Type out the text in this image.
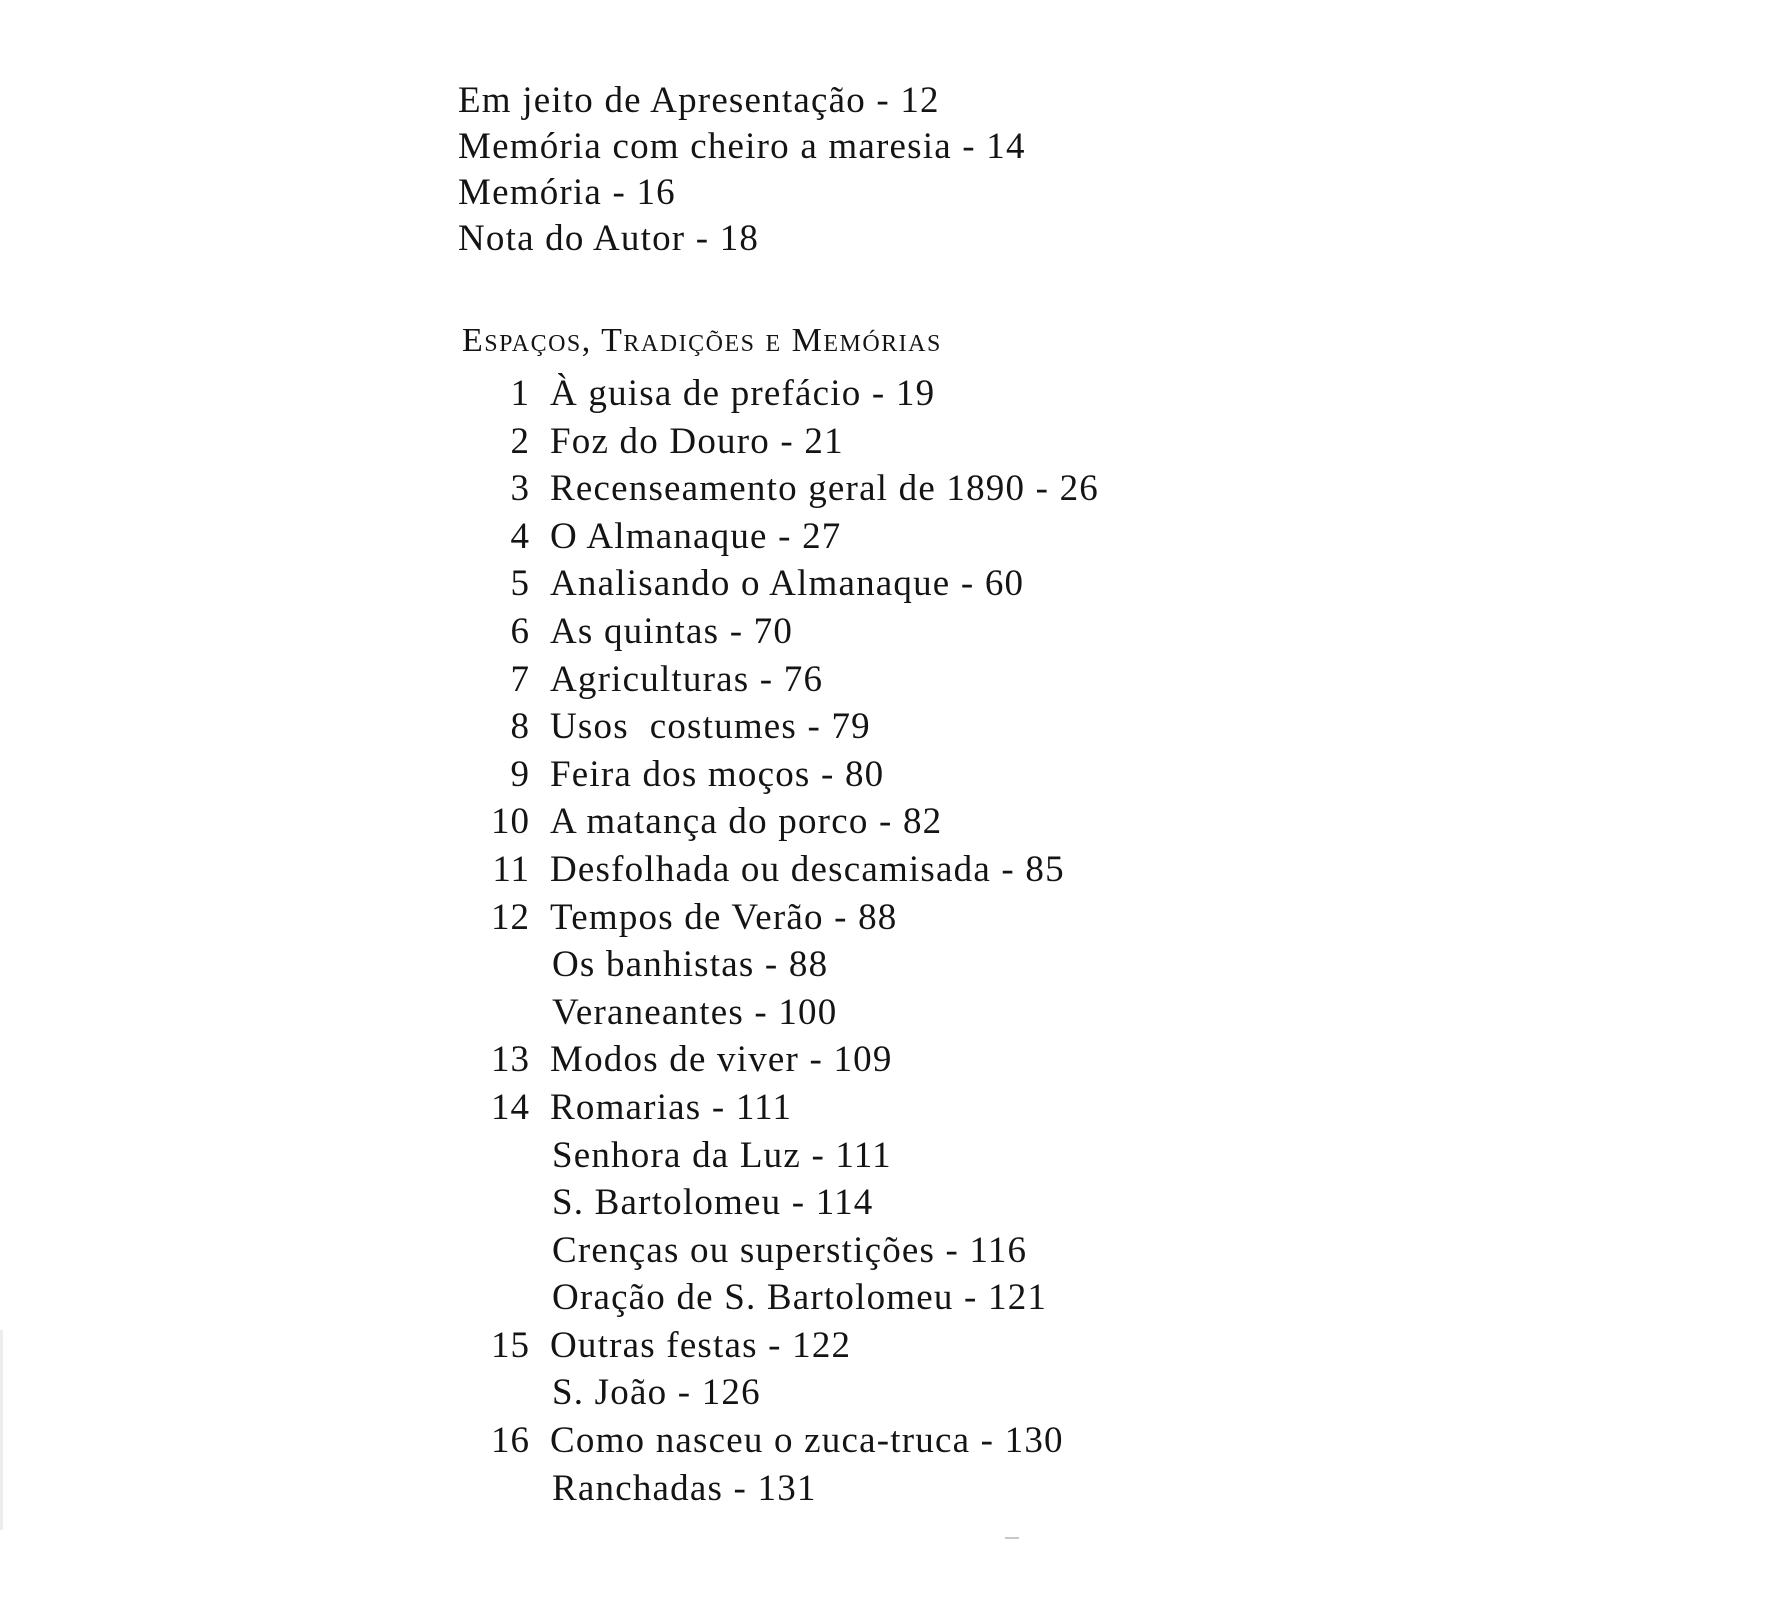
Em jeito de Apresentação - 12
Memória com cheiro a maresia - 14
Memória - 16
Nota do Autor - 18
Espaços, Tradições e Memórias
1 À guisa de prefácio - 19
2 Foz do Douro - 21
3 Recenseamento geral de 1890 - 26
4 O Almanaque - 27
5 Analisando o Almanaque - 60
6 As quintas - 70
7 Agriculturas - 76
8 Usos  costumes - 79
9 Feira dos moços - 80
10 A matança do porco - 82
11 Desfolhada ou descamisada - 85
12 Tempos de Verão - 88
Os banhistas - 88
Veraneantes - 100
13 Modos de viver - 109
14 Romarias - 111
Senhora da Luz - 111
S. Bartolomeu - 114
Crenças ou superstições - 116
Oração de S. Bartolomeu - 121
15 Outras festas - 122
S. João - 126
16 Como nasceu o zuca-truca - 130
Ranchadas - 131
